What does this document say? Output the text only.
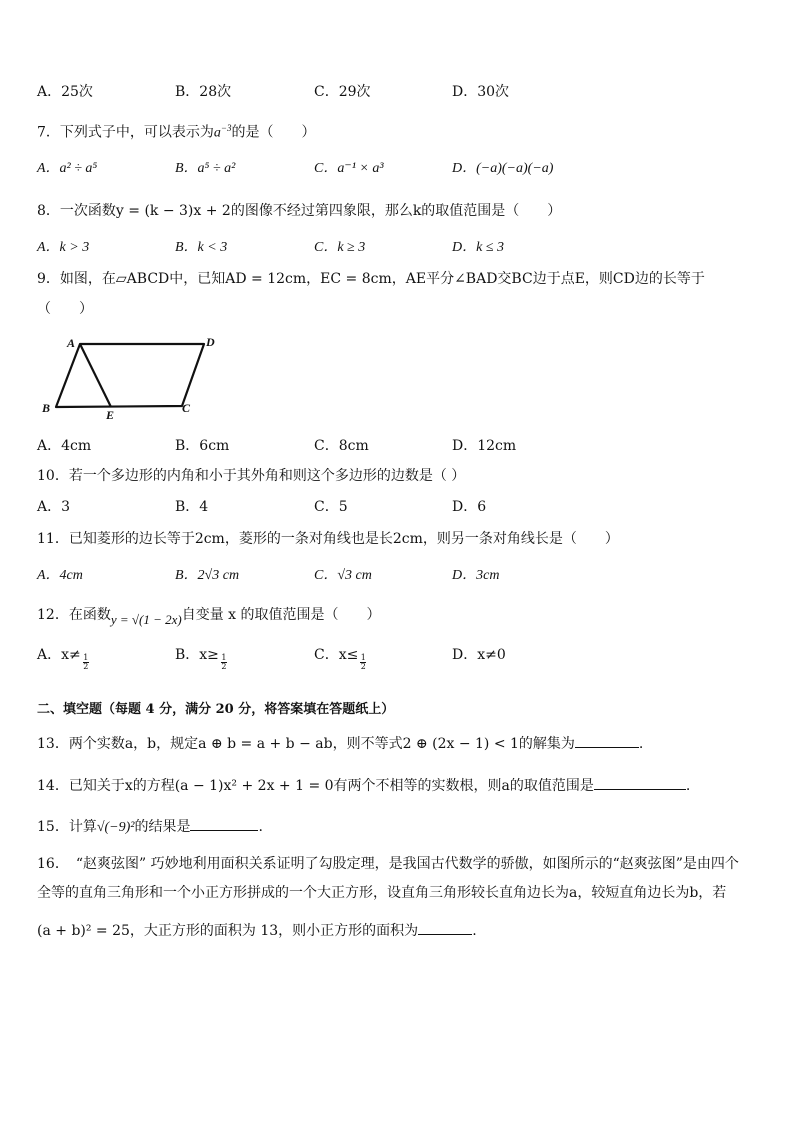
A．25次	B．28次	C．29次	D．30次
7．下列式子中，可以表示为$a^{-3}$的是（　　）
A．a² ÷ a⁵	B．a⁵ ÷ a²	C．a⁻¹ × a³	D．(−a)(−a)(−a)
8．一次函数y = (k − 3)x + 2的图像不经过第四象限，那么k的取值范围是（　　）
A．k > 3	B．k < 3	C．k ≥ 3	D．k ≤ 3
9．如图，在▱ABCD中，已知AD = 12cm，EC = 8cm，AE平分∠BAD交BC边于点E，则CD边的长等于
（　　）
A	D
B	E	C
A．4cm	B．6cm	C．8cm	D．12cm
10．若一个多边形的内角和小于其外角和则这个多边形的边数是（ ）
A．3	B．4	C．5	D．6
11．已知菱形的边长等于2cm，菱形的一条对角线也是长2cm，则另一条对角线长是（　　）
A．4cm	B．2√3 cm	C．√3 cm	D．3cm
12．在函数y = √(1 − 2x)自变量 x 的取值范围是（　　）
A．$x\ne \frac{1}{2}$	B．$x\ge \frac{1}{2}$	C．$x\le \frac{1}{2}$	D．x≠0
二、填空题（每题 4 分，满分 20 分，将答案填在答题纸上）
13．两个实数a，b，规定a ⊕ b = a + b − ab，则不等式2 ⊕ (2x − 1) < 1的解集为	.
14．已知关于x的方程(a − 1)x² + 2x + 1 = 0有两个不相等的实数根，则a的取值范围是	.
15．计算√(−9)²的结果是	.
16．　“赵爽弦图” 巧妙地利用面积关系证明了勾股定理，是我国古代数学的骄傲，如图所示的“赵爽弦图”是由四个
全等的直角三角形和一个小正方形拼成的一个大正方形，设直角三角形较长直角边长为a，较短直角边长为b，若
(a + b)² = 25，大正方形的面积为 13，则小正方形的面积为	.
